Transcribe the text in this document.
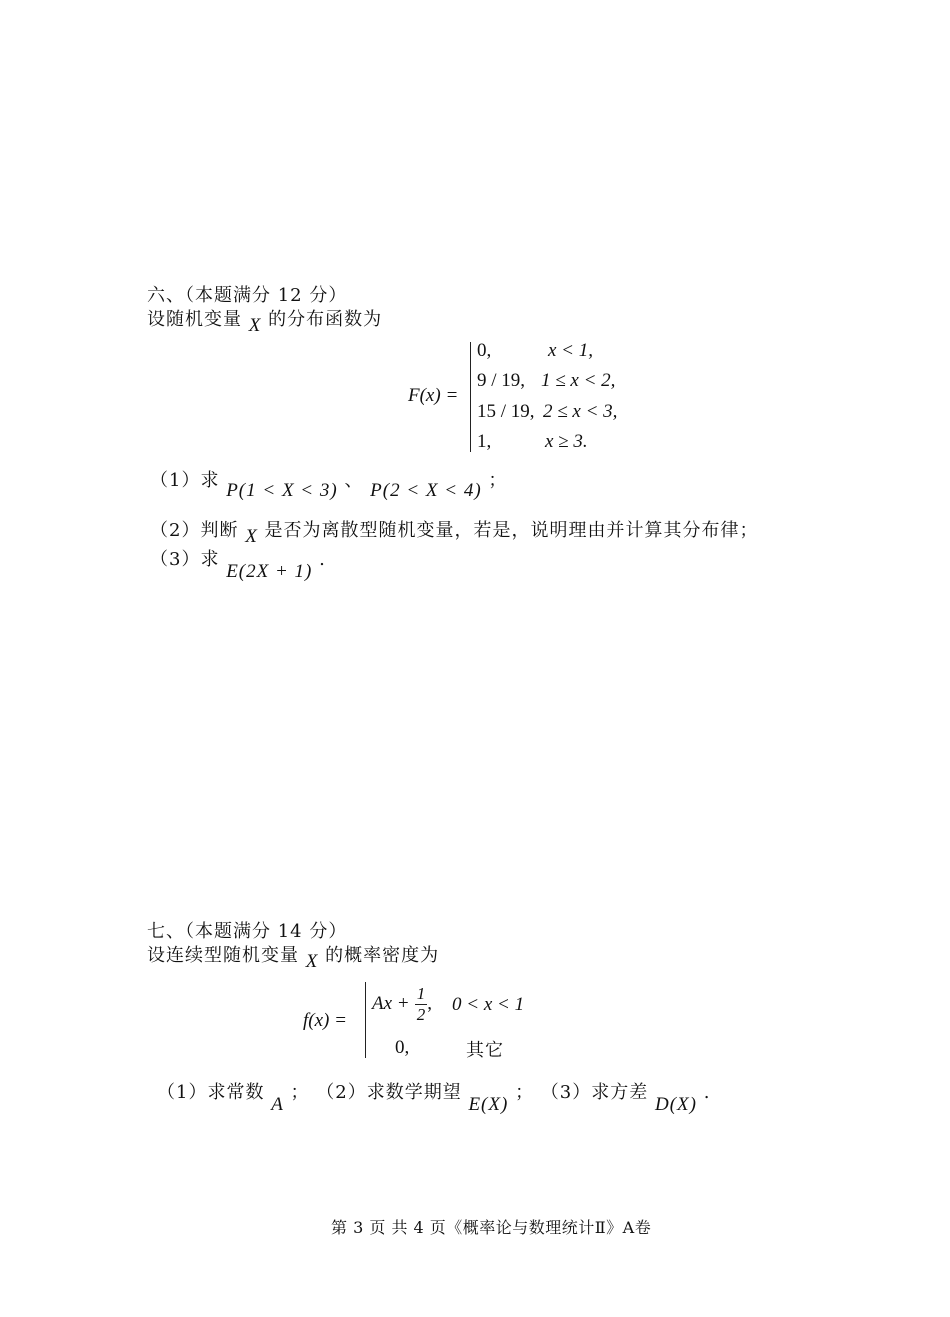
六、（本题满分 12 分）
设随机变量 X 的分布函数为
F(x) =
0,	x < 1,
9 / 19, 1 ≤ x < 2,
15 / 19, 2 ≤ x < 3,
1,	x ≥ 3.
（1）求 P(1 < X < 3) 、 P(2 < X < 4) ；
（2）判断 X 是否为离散型随机变量，若是，说明理由并计算其分布律；
（3）求 E(2X + 1) .
七、（本题满分 14 分）
设连续型随机变量 X 的概率密度为
f(x) =
$Ax + \frac{1}{2}$ , 0 < x < 1
0,	其它
（1）求常数 A ； （2）求数学期望 E(X) ； （3）求方差 D(X) .
第 3 页 共 4 页《概率论与数理统计Ⅱ》A卷
